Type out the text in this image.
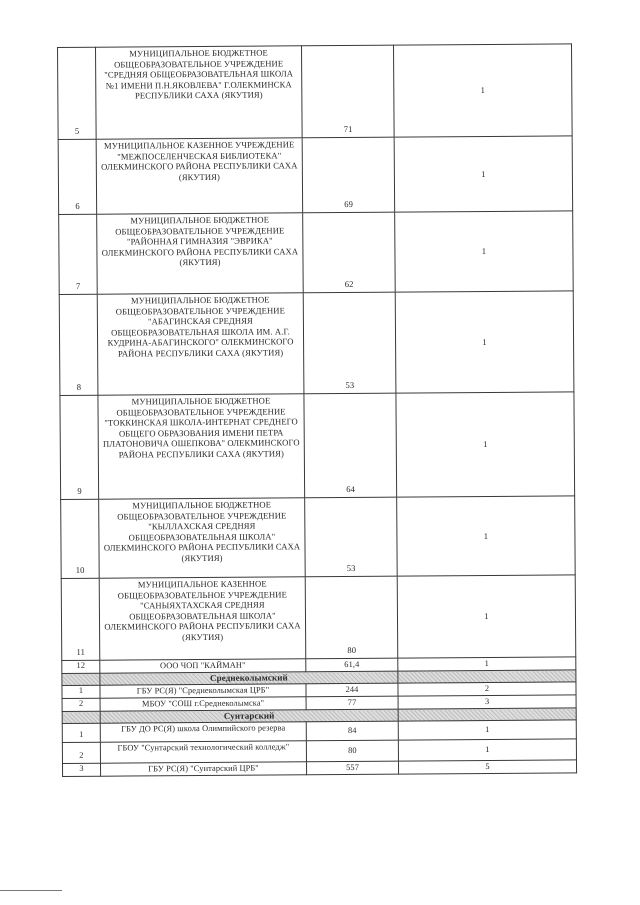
5	МУНИЦИПАЛЬНОЕ БЮДЖЕТНОЕ ОБЩЕОБРАЗОВАТЕЛЬНОЕ УЧРЕЖДЕНИЕ "СРЕДНЯЯ ОБЩЕОБРАЗОВАТЕЛЬНАЯ ШКОЛА №1 ИМЕНИ П.Н.ЯКОВЛЕВА" Г.ОЛЕКМИНСКА РЕСПУБЛИКИ САХА (ЯКУТИЯ)	71	1
6	МУНИЦИПАЛЬНОЕ КАЗЕННОЕ УЧРЕЖДЕНИЕ "МЕЖПОСЕЛЕНЧЕСКАЯ БИБЛИОТЕКА" ОЛЕКМИНСКОГО РАЙОНА РЕСПУБЛИКИ САХА (ЯКУТИЯ)	69	1
7	МУНИЦИПАЛЬНОЕ БЮДЖЕТНОЕ ОБЩЕОБРАЗОВАТЕЛЬНОЕ УЧРЕЖДЕНИЕ "РАЙОННАЯ ГИМНАЗИЯ "ЭВРИКА" ОЛЕКМИНСКОГО РАЙОНА РЕСПУБЛИКИ САХА (ЯКУТИЯ)	62	1
8	МУНИЦИПАЛЬНОЕ БЮДЖЕТНОЕ ОБЩЕОБРАЗОВАТЕЛЬНОЕ УЧРЕЖДЕНИЕ "АБАГИНСКАЯ СРЕДНЯЯ ОБЩЕОБРАЗОВАТЕЛЬНАЯ ШКОЛА ИМ. А.Г. КУДРИНА-АБАГИНСКОГО" ОЛЕКМИНСКОГО РАЙОНА РЕСПУБЛИКИ САХА (ЯКУТИЯ)	53	1
9	МУНИЦИПАЛЬНОЕ БЮДЖЕТНОЕ ОБЩЕОБРАЗОВАТЕЛЬНОЕ УЧРЕЖДЕНИЕ "ТОККИНСКАЯ ШКОЛА-ИНТЕРНАТ СРЕДНЕГО ОБЩЕГО ОБРАЗОВАНИЯ ИМЕНИ ПЕТРА ПЛАТОНОВИЧА ОШЕПКОВА" ОЛЕКМИНСКОГО РАЙОНА РЕСПУБЛИКИ САХА (ЯКУТИЯ)	64	1
10	МУНИЦИПАЛЬНОЕ БЮДЖЕТНОЕ ОБЩЕОБРАЗОВАТЕЛЬНОЕ УЧРЕЖДЕНИЕ "КЫЛЛАХСКАЯ СРЕДНЯЯ ОБЩЕОБРАЗОВАТЕЛЬНАЯ ШКОЛА" ОЛЕКМИНСКОГО РАЙОНА РЕСПУБЛИКИ САХА (ЯКУТИЯ)	53	1
11	МУНИЦИПАЛЬНОЕ КАЗЕННОЕ ОБЩЕОБРАЗОВАТЕЛЬНОЕ УЧРЕЖДЕНИЕ "САНЫЯХТАХСКАЯ СРЕДНЯЯ ОБЩЕОБРАЗОВАТЕЛЬНАЯ ШКОЛА" ОЛЕКМИНСКОГО РАЙОНА РЕСПУБЛИКИ САХА (ЯКУТИЯ)	80	1
12	ООО ЧОП "КАЙМАН"	61,4	1
	Среднеколымский		
1	ГБУ РС(Я) "Среднеколымская ЦРБ"	244	2
2	МБОУ "СОШ г.Среднеколымска"	77	3
	Сунтарский		
1	ГБУ ДО РС(Я) школа Олимпийского резерва	84	1
2	ГБОУ "Сунтарский технологический колледж"	80	1
3	ГБУ РС(Я) "Сунтарский ЦРБ"	557	5
